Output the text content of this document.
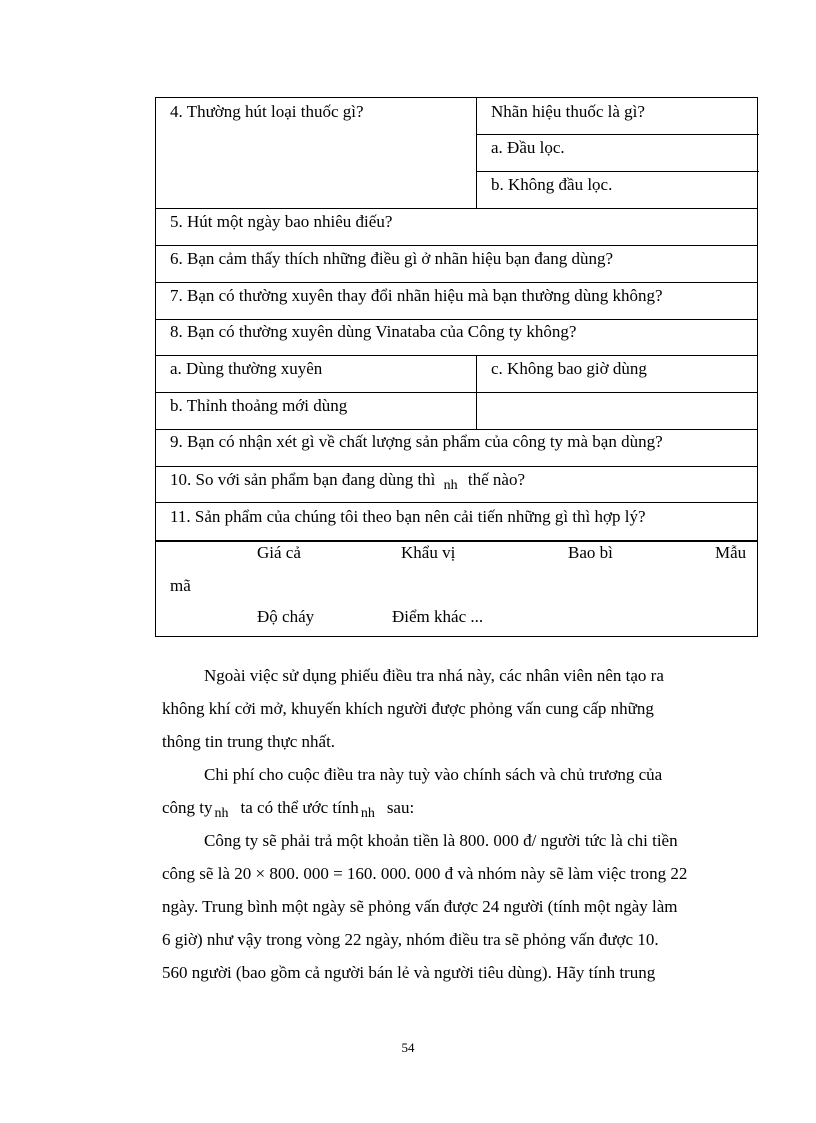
4. Thường hút loại thuốc gì?	Nhãn hiệu thuốc là gì?
a. Đầu lọc.
b. Không đầu lọc.
5. Hút một ngày bao nhiêu điếu?
6. Bạn cảm thấy thích những điều gì ở nhãn hiệu bạn đang dùng?
7. Bạn có thường xuyên thay đổi nhãn hiệu mà bạn thường dùng không?
8. Bạn có thường xuyên dùng Vinataba của Công ty không?
a. Dùng thường xuyên	c. Không bao giờ dùng
b. Thỉnh thoảng mới dùng
9. Bạn có nhận xét gì về chất lượng sản phẩm của công ty mà bạn dùng?
10. So với sản phẩm bạn đang dùng thì $_{nh}$ thế nào?
11. Sản phẩm của chúng tôi theo bạn nên cải tiến những gì thì hợp lý?
Giá cả	Khẩu vị	Bao bì	Mẫu
mã
Độ cháy	Điểm khác ...
Ngoài việc sử dụng phiếu điều tra nhá này, các nhân viên nên tạo ra
không khí cởi mở, khuyến khích người được phỏng vấn cung cấp những
thông tin trung thực nhất.
Chi phí cho cuộc điều tra này tuỳ vào chính sách và chủ trương của
công ty $_{nh}$ ta có thể ước tính $_{nh}$ sau:
Công ty sẽ phải trả một khoản tiền là 800. 000 đ/ người tức là chi tiền
công sẽ là 20 × 800. 000 = 160. 000. 000 đ và nhóm này sẽ làm việc trong 22
ngày. Trung bình một ngày sẽ phỏng vấn được 24 người (tính một ngày làm
6 giờ) như vậy trong vòng 22 ngày, nhóm điều tra sẽ phỏng vấn được 10.
560 người (bao gồm cả người bán lẻ và người tiêu dùng). Hãy tính trung
54
